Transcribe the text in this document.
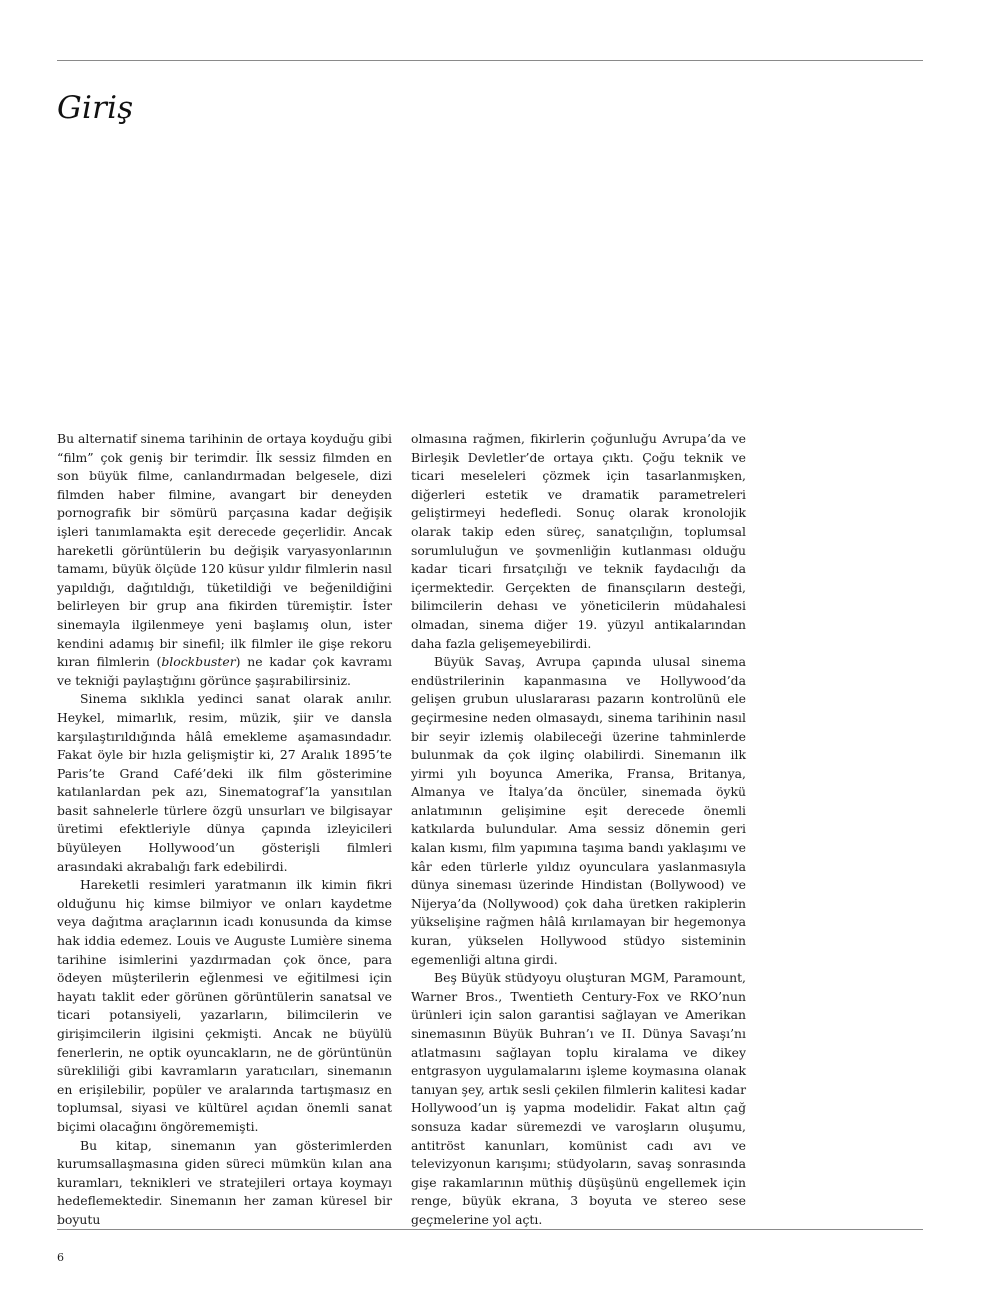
Giriş

Bu alternatif sinema tarihinin de ortaya koyduğu gibi “film” çok geniş bir terimdir. İlk sessiz filmden en son büyük filme, canlandırmadan belgesele, dizi filmden haber filmine, avangart bir deneyden pornografik bir sömürü parçasına kadar değişik işleri tanımlamakta eşit derecede geçerlidir. Ancak hareketli görüntülerin bu değişik varyasyonlarının tamamı, büyük ölçüde 120 küsur yıldır filmlerin nasıl yapıldığı, dağıtıldığı, tüketildiği ve beğenildiğini belirleyen bir grup ana fikirden türemiştir. İster sinemayla ilgilenmeye yeni başlamış olun, ister kendini adamış bir sinefil; ilk filmler ile gişe rekoru kıran filmlerin (blockbuster) ne kadar çok kavramı ve tekniği paylaştığını görünce şaşırabilirsiniz.

Sinema sıklıkla yedinci sanat olarak anılır. Heykel, mimarlık, resim, müzik, şiir ve dansla karşılaştırıldığında hâlâ emekleme aşamasındadır. Fakat öyle bir hızla gelişmiştir ki, 27 Aralık 1895’te Paris’te Grand Café’deki ilk film gösterimine katılanlardan pek azı, Sinematograf’la yansıtılan basit sahnelerle türlere özgü unsurları ve bilgisayar üretimi efektleriyle dünya çapında izleyicileri büyüleyen Hollywood’un gösterişli filmleri arasındaki akrabalığı fark edebilirdi.

Hareketli resimleri yaratmanın ilk kimin fikri olduğunu hiç kimse bilmiyor ve onları kaydetme veya dağıtma araçlarının icadı konusunda da kimse hak iddia edemez. Louis ve Auguste Lumière sinema tarihine isimlerini yazdırmadan çok önce, para ödeyen müşterilerin eğlenmesi ve eğitilmesi için hayatı taklit eder görünen görüntülerin sanatsal ve ticari potansiyeli, yazarların, bilimcilerin ve girişimcilerin ilgisini çekmişti. Ancak ne büyülü fenerlerin, ne optik oyuncakların, ne de görüntünün sürekliliği gibi kavramların yaratıcıları, sinemanın en erişilebilir, popüler ve aralarında tartışmasız en toplumsal, siyasi ve kültürel açıdan önemli sanat biçimi olacağını öngörememişti.

Bu kitap, sinemanın yan gösterimlerden kurumsallaşmasına giden süreci mümkün kılan ana kuramları, teknikleri ve stratejileri ortaya koymayı hedeflemektedir. Sinemanın her zaman küresel bir boyutu

olmasına rağmen, fikirlerin çoğunluğu Avrupa’da ve Birleşik Devletler’de ortaya çıktı. Çoğu teknik ve ticari meseleleri çözmek için tasarlanmışken, diğerleri estetik ve dramatik parametreleri geliştirmeyi hedefledi. Sonuç olarak kronolojik olarak takip eden süreç, sanatçılığın, toplumsal sorumluluğun ve şovmenliğin kutlanması olduğu kadar ticari fırsatçılığı ve teknik faydacılığı da içermektedir. Gerçekten de finansçıların desteği, bilimcilerin dehası ve yöneticilerin müdahalesi olmadan, sinema diğer 19. yüzyıl antikalarından daha fazla gelişemeyebilirdi.

Büyük Savaş, Avrupa çapında ulusal sinema endüstrilerinin kapanmasına ve Hollywood’da gelişen grubun uluslararası pazarın kontrolünü ele geçirmesine neden olmasaydı, sinema tarihinin nasıl bir seyir izlemiş olabileceği üzerine tahminlerde bulunmak da çok ilginç olabilirdi. Sinemanın ilk yirmi yılı boyunca Amerika, Fransa, Britanya, Almanya ve İtalya’da öncüler, sinemada öykü anlatımının gelişimine eşit derecede önemli katkılarda bulundular. Ama sessiz dönemin geri kalan kısmı, film yapımına taşıma bandı yaklaşımı ve kâr eden türlerle yıldız oyunculara yaslanmasıyla dünya sineması üzerinde Hindistan (Bollywood) ve Nijerya’da (Nollywood) çok daha üretken rakiplerin yükselişine rağmen hâlâ kırılamayan bir hegemonya kuran, yükselen Hollywood stüdyo sisteminin egemenliği altına girdi.

Beş Büyük stüdyoyu oluşturan MGM, Paramount, Warner Bros., Twentieth Century-Fox ve RKO’nun ürünleri için salon garantisi sağlayan ve Amerikan sinemasının Büyük Buhran’ı ve II. Dünya Savaşı’nı atlatmasını sağlayan toplu kiralama ve dikey entgrasyon uygulamalarını işleme koymasına olanak tanıyan şey, artık sesli çekilen filmlerin kalitesi kadar Hollywood’un iş yapma modelidir. Fakat altın çağ sonsuza kadar süremezdi ve varoşların oluşumu, antitröst kanunları, komünist cadı avı ve televizyonun karışımı; stüdyoların, savaş sonrasında gişe rakamlarının müthiş düşüşünü engellemek için renge, büyük ekrana, 3 boyuta ve stereo sese geçmelerine yol açtı.

6
